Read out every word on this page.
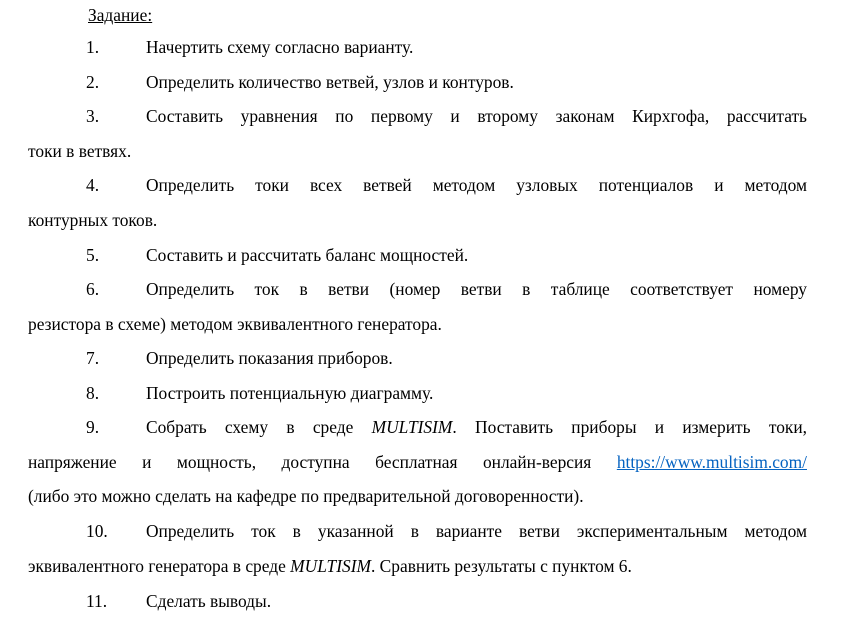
Задание:
1.	Начертить схему согласно варианту.
2.	Определить количество ветвей, узлов и контуров.
3.	Составить уравнения по первому и второму законам Кирхгофа, рассчитать
токи в ветвях.
4.	Определить токи всех ветвей методом узловых потенциалов и методом
контурных токов.
5.	Составить и рассчитать баланс мощностей.
6.	Определить ток в ветви (номер ветви в таблице соответствует номеру
резистора в схеме) методом эквивалентного генератора.
7.	Определить показания приборов.
8.	Построить потенциальную диаграмму.
9.	Собрать схему в среде MULTISIM. Поставить приборы и измерить токи,
напряжение и мощность, доступна бесплатная онлайн-версия https://www.multisim.com/
(либо это можно сделать на кафедре по предварительной договоренности).
10.	Определить ток в указанной в варианте ветви экспериментальным методом
эквивалентного генератора в среде MULTISIM. Сравнить результаты с пунктом 6.
11.	Сделать выводы.
